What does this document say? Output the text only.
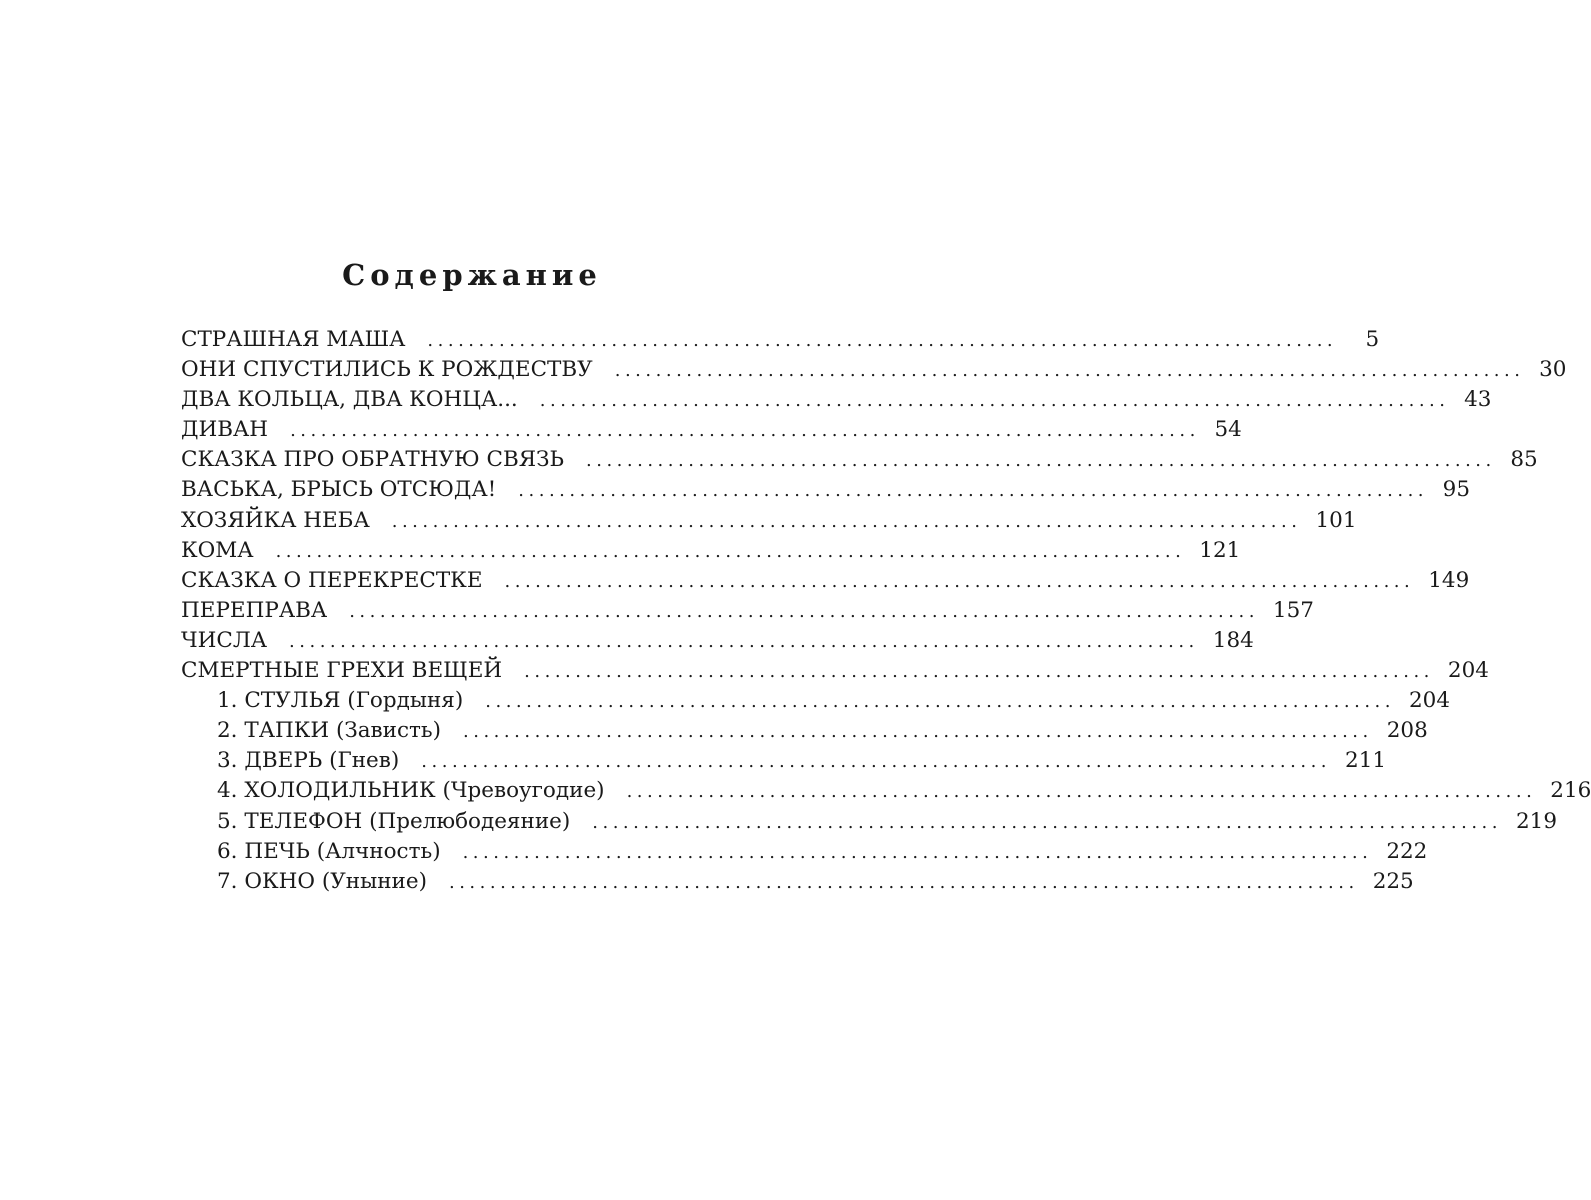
Содержание
СТРАШНАЯ МАША .........................................................................................	5
ОНИ СПУСТИЛИСЬ К РОЖДЕСТВУ ......................................................................................... 30
ДВА КОЛЬЦА, ДВА КОНЦА... ......................................................................................... 43
ДИВАН ......................................................................................... 54
СКАЗКА ПРО ОБРАТНУЮ СВЯЗЬ ......................................................................................... 85
ВАСЬКА, БРЫСЬ ОТСЮДА! ......................................................................................... 95
ХОЗЯЙКА НЕБА ......................................................................................... 101
КОМА ......................................................................................... 121
СКАЗКА О ПЕРЕКРЕСТКЕ ......................................................................................... 149
ПЕРЕПРАВА ......................................................................................... 157
ЧИСЛА ......................................................................................... 184
СМЕРТНЫЕ ГРЕХИ ВЕЩЕЙ ......................................................................................... 204
1. СТУЛЬЯ (Гордыня) ......................................................................................... 204
2. ТАПКИ (Зависть) ......................................................................................... 208
3. ДВЕРЬ (Гнев) ......................................................................................... 211
4. ХОЛОДИЛЬНИК (Чревоугодие) ......................................................................................... 216
5. ТЕЛЕФОН (Прелюбодеяние) ......................................................................................... 219
6. ПЕЧЬ (Алчность) ......................................................................................... 222
7. ОКНО (Уныние) ......................................................................................... 225
